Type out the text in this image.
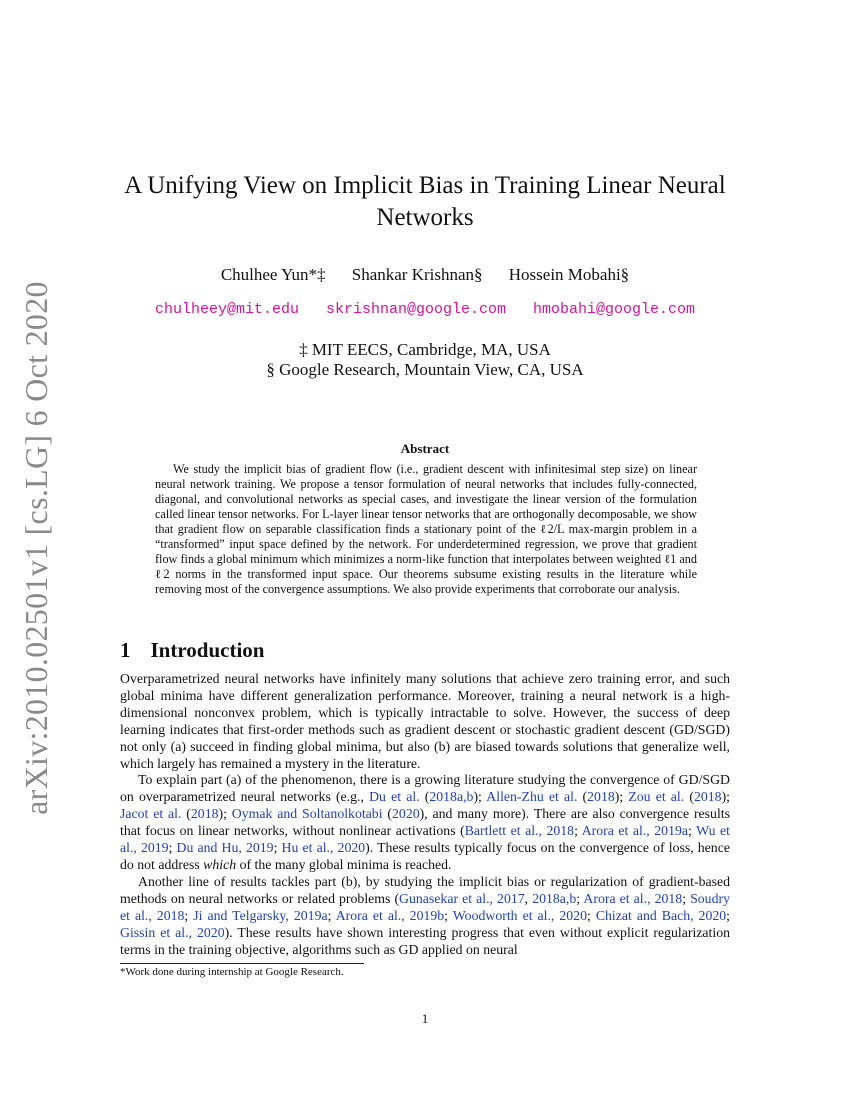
arXiv:2010.02501v1 [cs.LG] 6 Oct 2020
A Unifying View on Implicit Bias in Training Linear Neural Networks
Chulhee Yun*‡ Shankar Krishnan§ Hossein Mobahi§
chulheey@mit.edu skrishnan@google.com hmobahi@google.com
‡ MIT EECS, Cambridge, MA, USA
§ Google Research, Mountain View, CA, USA
Abstract
We study the implicit bias of gradient flow (i.e., gradient descent with infinitesimal step size) on linear neural network training. We propose a tensor formulation of neural networks that includes fully-connected, diagonal, and convolutional networks as special cases, and investigate the linear version of the formulation called linear tensor networks. For L-layer linear tensor networks that are orthogonally decomposable, we show that gradient flow on separable classification finds a stationary point of the ℓ2/L max-margin problem in a “transformed” input space defined by the network. For underdetermined regression, we prove that gradient flow finds a global minimum which minimizes a norm-like function that interpolates between weighted ℓ1 and ℓ2 norms in the transformed input space. Our theorems subsume existing results in the literature while removing most of the convergence assumptions. We also provide experiments that corroborate our analysis.
1 Introduction

Overparametrized neural networks have infinitely many solutions that achieve zero training error, and such global minima have different generalization performance. Moreover, training a neural network is a high-dimensional nonconvex problem, which is typically intractable to solve. However, the success of deep learning indicates that first-order methods such as gradient descent or stochastic gradient descent (GD/SGD) not only (a) succeed in finding global minima, but also (b) are biased towards solutions that generalize well, which largely has remained a mystery in the literature.

To explain part (a) of the phenomenon, there is a growing literature studying the convergence of GD/SGD on overparametrized neural networks (e.g., Du et al. (2018a,b); Allen-Zhu et al. (2018); Zou et al. (2018); Jacot et al. (2018); Oymak and Soltanolkotabi (2020), and many more). There are also convergence results that focus on linear networks, without nonlinear activations (Bartlett et al., 2018; Arora et al., 2019a; Wu et al., 2019; Du and Hu, 2019; Hu et al., 2020). These results typically focus on the convergence of loss, hence do not address which of the many global minima is reached.

Another line of results tackles part (b), by studying the implicit bias or regularization of gradient-based methods on neural networks or related problems (Gunasekar et al., 2017, 2018a,b; Arora et al., 2018; Soudry et al., 2018; Ji and Telgarsky, 2019a; Arora et al., 2019b; Woodworth et al., 2020; Chizat and Bach, 2020; Gissin et al., 2020). These results have shown interesting progress that even without explicit regularization terms in the training objective, algorithms such as GD applied on neural

*Work done during internship at Google Research.
1
